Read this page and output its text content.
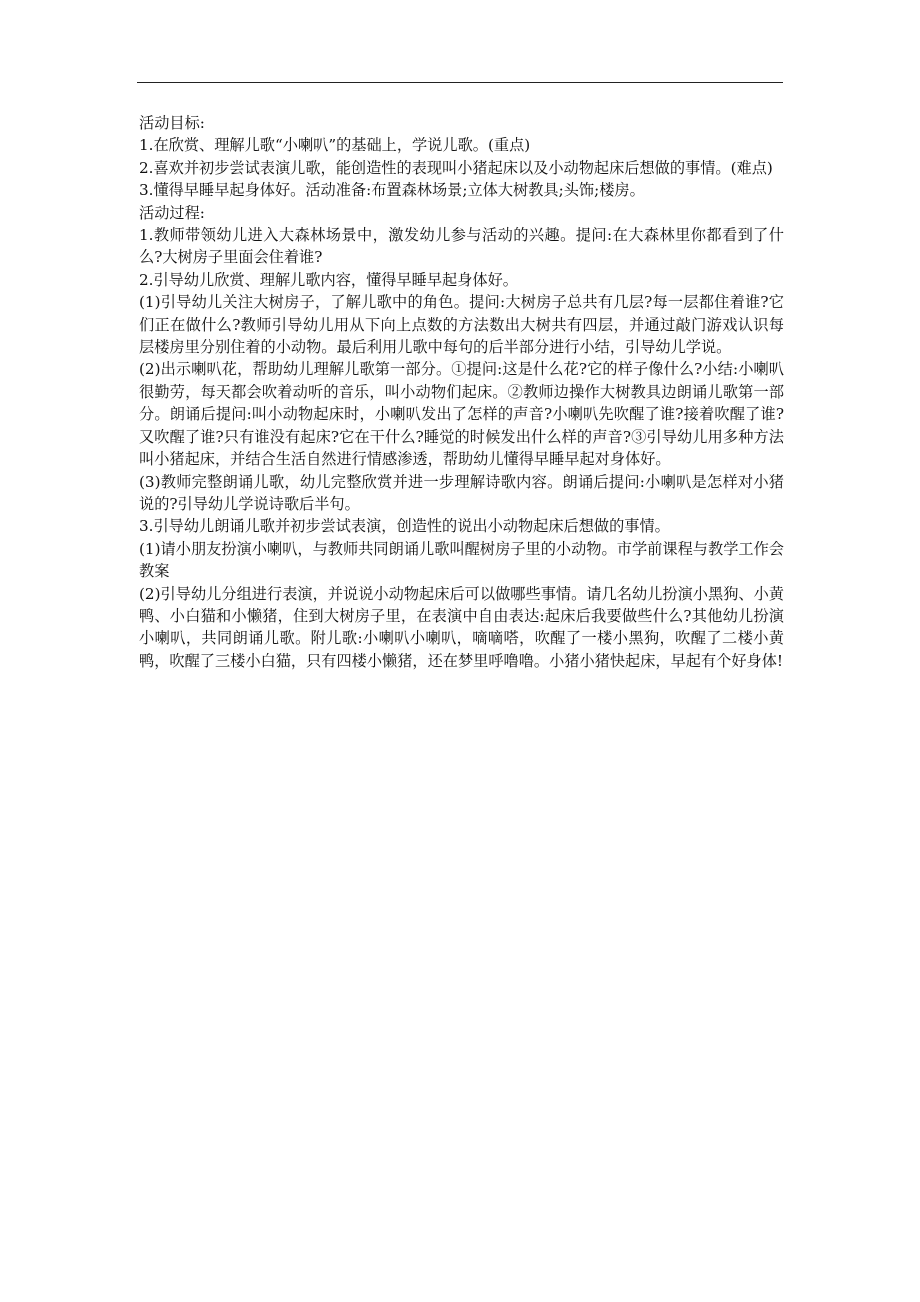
活动目标:

1.在欣赏、理解儿歌“小喇叭”的基础上，学说儿歌。(重点)

2.喜欢并初步尝试表演儿歌，能创造性的表现叫小猪起床以及小动物起床后想做的事情。(难点)

3.懂得早睡早起身体好。活动准备:布置森林场景;立体大树教具;头饰;楼房。

活动过程:

1.教师带领幼儿进入大森林场景中，激发幼儿参与活动的兴趣。提问:在大森林里你都看到了什么?大树房子里面会住着谁?

2.引导幼儿欣赏、理解儿歌内容，懂得早睡早起身体好。

(1)引导幼儿关注大树房子，了解儿歌中的角色。提问:大树房子总共有几层?每一层都住着谁?它们正在做什么?教师引导幼儿用从下向上点数的方法数出大树共有四层，并通过敲门游戏认识每层楼房里分别住着的小动物。最后利用儿歌中每句的后半部分进行小结，引导幼儿学说。

(2)出示喇叭花，帮助幼儿理解儿歌第一部分。①提问:这是什么花?它的样子像什么?小结:小喇叭很勤劳，每天都会吹着动听的音乐，叫小动物们起床。②教师边操作大树教具边朗诵儿歌第一部分。朗诵后提问:叫小动物起床时，小喇叭发出了怎样的声音?小喇叭先吹醒了谁?接着吹醒了谁?又吹醒了谁?只有谁没有起床?它在干什么?睡觉的时候发出什么样的声音?③引导幼儿用多种方法叫小猪起床，并结合生活自然进行情感渗透，帮助幼儿懂得早睡早起对身体好。

(3)教师完整朗诵儿歌，幼儿完整欣赏并进一步理解诗歌内容。朗诵后提问:小喇叭是怎样对小猪说的?引导幼儿学说诗歌后半句。

3.引导幼儿朗诵儿歌并初步尝试表演，创造性的说出小动物起床后想做的事情。

(1)请小朋友扮演小喇叭，与教师共同朗诵儿歌叫醒树房子里的小动物。市学前课程与教学工作会教案

(2)引导幼儿分组进行表演，并说说小动物起床后可以做哪些事情。请几名幼儿扮演小黑狗、小黄鸭、小白猫和小懒猪，住到大树房子里，在表演中自由表达:起床后我要做些什么?其他幼儿扮演小喇叭，共同朗诵儿歌。附儿歌:小喇叭小喇叭，嘀嘀嗒，吹醒了一楼小黑狗，吹醒了二楼小黄鸭，吹醒了三楼小白猫，只有四楼小懒猪，还在梦里呼噜噜。小猪小猪快起床，早起有个好身体!
